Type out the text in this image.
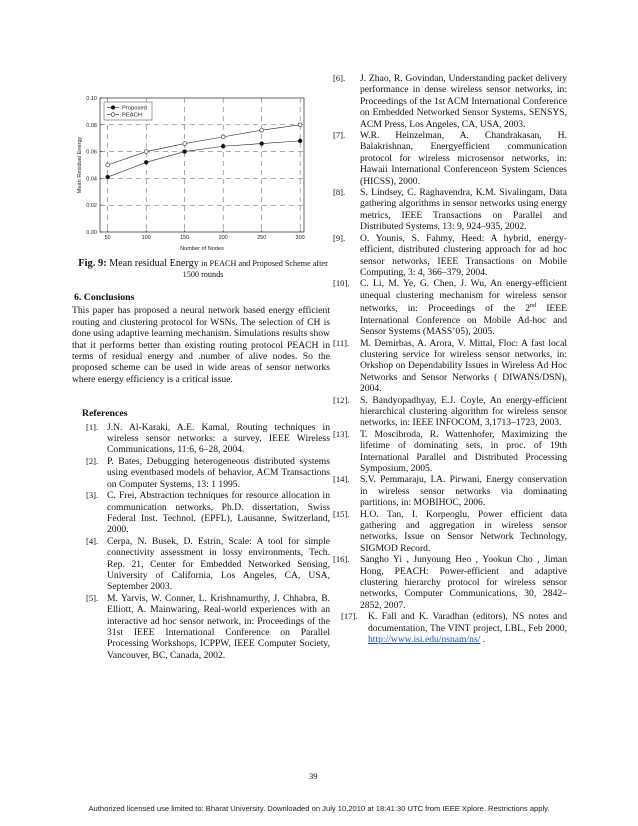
50	100	150	200	250	300
0.00
0.02
0.04
0.06
0.08
0.10
Number of Nodes
Mean Residual Energy
Proposed
PEACH
Fig. 9: Mean residual Energy in PEACH and Proposed Scheme after 1500 rounds
6. Conclusions

This paper has proposed a neural network based energy efficient routing and clustering protocol for WSNs. The selection of CH is done using adaptive learning mechanism. Simulations results show that it performs better than existing routing protocol PEACH in terms of residual energy and .number of alive nodes. So the proposed scheme can be used in wide areas of sensor networks where energy efficiency is a critical issue.

References

[1]. J.N. Al-Karaki, A.E. Kamal, Routing techniques in wireless sensor networks: a survey, IEEE Wireless Communications, 11:6, 6–28, 2004.

[2]. P. Bates, Debugging heterogeneous distributed systems using eventbased models of behavior, ACM Transactions on Computer Systems, 13: 1 1995.

[3]. C. Frei, Abstraction techniques for resource allocation in communication networks, Ph.D. dissertation, Swiss Federal Inst. Technol. (EPFL), Lausanne, Switzerland, 2000.

[4]. Cerpa, N. Busek, D. Estrin, Scale: A tool for simple connectivity assessment in lossy environments, Tech. Rep. 21, Center for Embedded Networked Sensing, University of California, Los Angeles, CA, USA, September 2003.

[5]. M. Yarvis, W. Conner, L. Krishnamurthy, J. Chhabra, B. Elliott, A. Mainwaring, Real-world experiences with an interactive ad hoc sensor network, in: Proceedings of the 31st IEEE International Conference on Parallel Processing Workshops, ICPPW, IEEE Computer Society, Vancouver, BC, Canada, 2002.

[6]. J. Zhao, R. Govindan, Understanding packet delivery performance in dense wireless sensor networks, in: Proceedings of the 1st ACM International Conference on Embedded Networked Sensor Systems, SENSYS, ACM Press, Los Angeles, CA, USA, 2003.

[7]. W.R. Heinzelman, A. Chandrakasan, H. Balakrishnan, Energyefficient communication protocol for wireless microsensor networks, in: Hawaii International Conferenceon System Sciences (HICSS), 2000.

[8]. S. Lindsey, C. Raghavendra, K.M. Sivalingam, Data gathering algorithms in sensor networks using energy metrics, IEEE Transactions on Parallel and Distributed Systems, 13: 9, 924–935, 2002.

[9]. O. Younis, S. Fahmy, Heed: A hybrid, energy-efficient, distributed clustering approach for ad hoc sensor networks, IEEE Transactions on Mobile Computing, 3: 4, 366–379, 2004.

[10]. C. Li, M. Ye, G. Chen, J. Wu, An energy-efficient unequal clustering mechanism for wireless sensor networks, in: Proceedings of the 2nd IEEE International Conference on Mobile Ad-hoc and Sensor Systems (MASS’05), 2005.

[11]. M. Demirbas, A. Arora, V. Mittal, Floc: A fast local clustering service for wireless sensor networks, in: Orkshop on Dependability Issues in Wireless Ad Hoc Networks and Sensor Networks ( DIWANS/DSN), 2004.

[12]. S. Bandyopadhyay, E.J. Coyle, An energy-efficient hierarchical clustering algorithm for wireless sensor networks, in: IEEE INFOCOM, 3,1713–1723, 2003.

[13]. T. Moscibroda, R. Wattenhofer, Maximizing the lifetime of dominating sets, in proc. of 19th International Parallel and Distributed Processing Symposium, 2005.

[14]. S.V. Pemmaraju, I.A. Pirwani, Energy conservation in wireless sensor networks via dominating partitions, in: MOBIHOC, 2006.

[15]. H.O. Tan, I. Korpeoglu, Power efficient data gathering and aggregation in wireless sensor networks, Issue on Sensor Network Technology, SIGMOD Record.

[16]. Sangho Yi , Junyoung Heo , Yookun Cho , Jiman Hong, PEACH: Power-efficient and adaptive clustering hierarchy protocol for wireless sensor networks, Computer Communications, 30, 2842–2852, 2007.

[17]. K. Fall and K. Varadhan (editors), NS notes and documentation, The VINT project, LBL, Feb 2000, http://www.isi.edu/nsnam/ns/ .

39
Authorized licensed use limited to: Bharat University. Downloaded on July 10,2010 at 18:41:30 UTC from IEEE Xplore. Restrictions apply.
